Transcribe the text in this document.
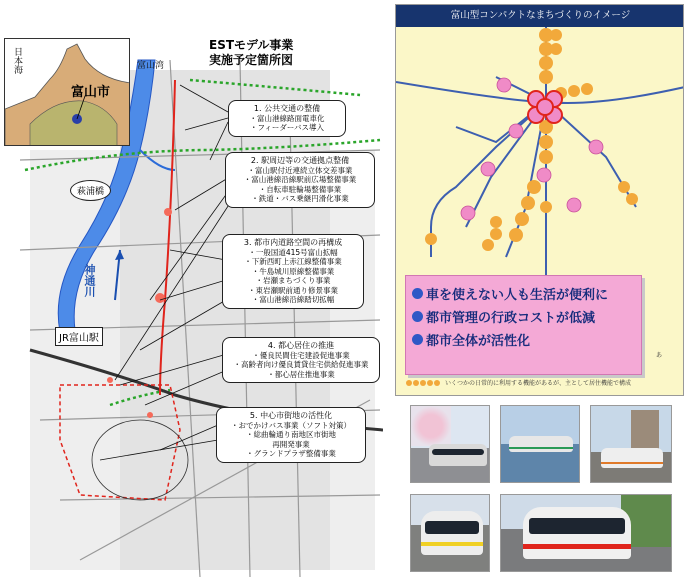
ESTモデル事業
実施予定箇所図
富山湾
日本海
富山市
萩浦橋
神通川
JR富山駅
1. 公共交通の整備
・富山港線路面電車化
・フィーダーバス導入
2. 駅周辺等の交通拠点整備
・富山駅付近連続立体交差事業
・富山港線沿線駅前広場整備事業
・自転車駐輪場整備事業
・鉄道・バス乗継円滑化事業
3. 都市内道路空間の再構成
・一般国道415号富山拡幅
・下新西町上赤江線整備事業
・牛島城川原線整備事業
・岩瀬まちづくり事業
・東岩瀬駅前通り修景事業
・富山港線沿線踏切拡幅
4. 都心居住の推進
・優良民間住宅建設促進事業
・高齢者向け優良賃貸住宅供給促進事業
・都心居住推進事業
5. 中心市街地の活性化
・おでかけバス事業（ソフト対策）
・総曲輪通り南地区市街地
再開発事業
・グランドプラザ整備事業
富山型コンパクトなまちづくりのイメージ
車を使えない人も生活が便利に
都市管理の行政コストが低減
都市全体が活性化
あ
いくつかの日常的に利用する機能があるが、主として居住機能で構成
